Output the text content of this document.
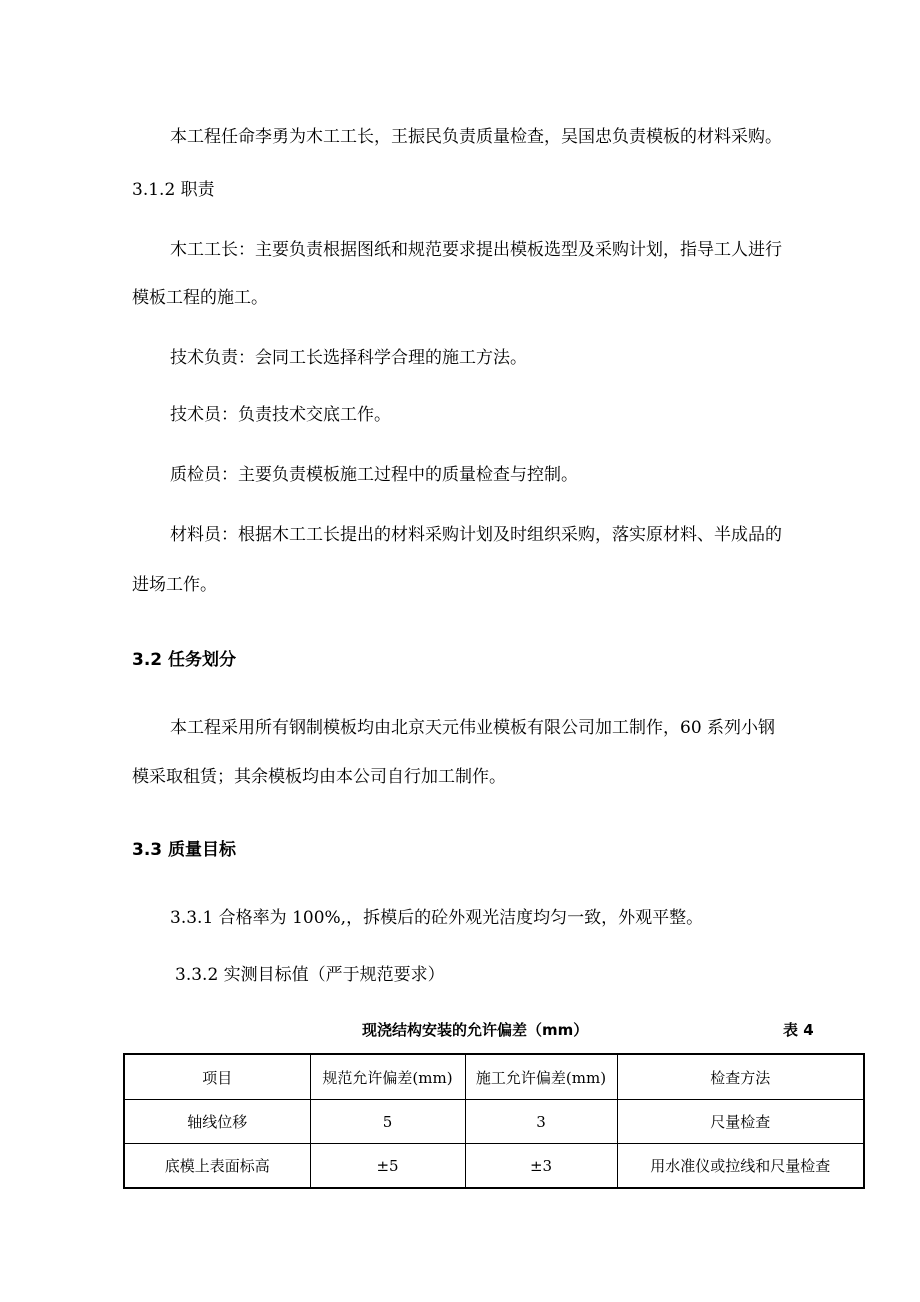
本工程任命李勇为木工工长，王振民负责质量检查，吴国忠负责模板的材料采购。
3.1.2 职责
木工工长：主要负责根据图纸和规范要求提出模板选型及采购计划，指导工人进行
模板工程的施工。
技术负责：会同工长选择科学合理的施工方法。
技术员：负责技术交底工作。
质检员：主要负责模板施工过程中的质量检查与控制。
材料员：根据木工工长提出的材料采购计划及时组织采购，落实原材料、半成品的
进场工作。
3.2 任务划分
本工程采用所有钢制模板均由北京天元伟业模板有限公司加工制作，60 系列小钢
模采取租赁；其余模板均由本公司自行加工制作。
3.3 质量目标
3.3.1 合格率为 100%,，拆模后的砼外观光洁度均匀一致，外观平整。
3.3.2 实测目标值（严于规范要求）
现浇结构安装的允许偏差（mm）	表 4
项目	规范允许偏差(mm)	施工允许偏差(mm)	检查方法
轴线位移	5	3	尺量检查
底模上表面标高	±5	±3	用水准仪或拉线和尺量检查
